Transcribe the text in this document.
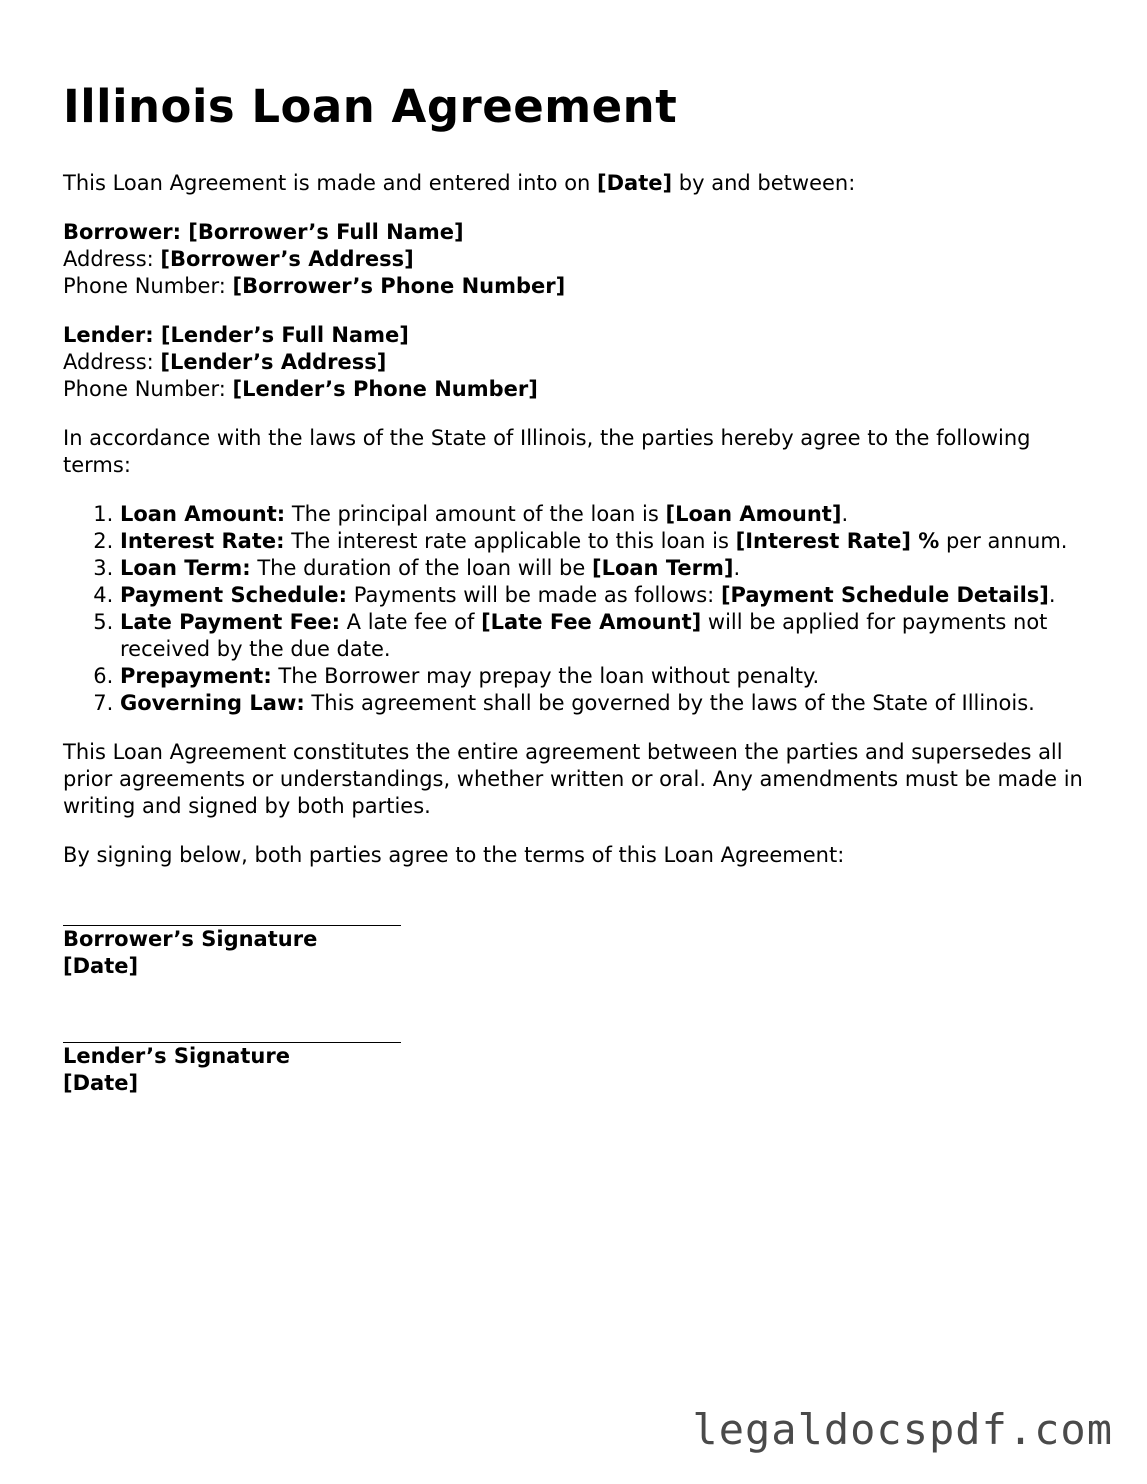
Illinois Loan Agreement

This Loan Agreement is made and entered into on [Date] by and between:

Borrower: [Borrower’s Full Name]
Address: [Borrower’s Address]
Phone Number: [Borrower’s Phone Number]
Lender: [Lender’s Full Name]
Address: [Lender’s Address]
Phone Number: [Lender’s Phone Number]

In accordance with the laws of the State of Illinois, the parties hereby agree to the following terms:

1. Loan Amount: The principal amount of the loan is [Loan Amount].
2. Interest Rate: The interest rate applicable to this loan is [Interest Rate] % per annum.
3. Loan Term: The duration of the loan will be [Loan Term].
4. Payment Schedule: Payments will be made as follows: [Payment Schedule Details].
5. Late Payment Fee: A late fee of [Late Fee Amount] will be applied for payments not received by the due date.
6. Prepayment: The Borrower may prepay the loan without penalty.
7. Governing Law: This agreement shall be governed by the laws of the State of Illinois.

This Loan Agreement constitutes the entire agreement between the parties and supersedes all prior agreements or understandings, whether written or oral. Any amendments must be made in writing and signed by both parties.

By signing below, both parties agree to the terms of this Loan Agreement:

Borrower’s Signature
[Date]
Lender’s Signature
[Date]
legaldocspdf.com
